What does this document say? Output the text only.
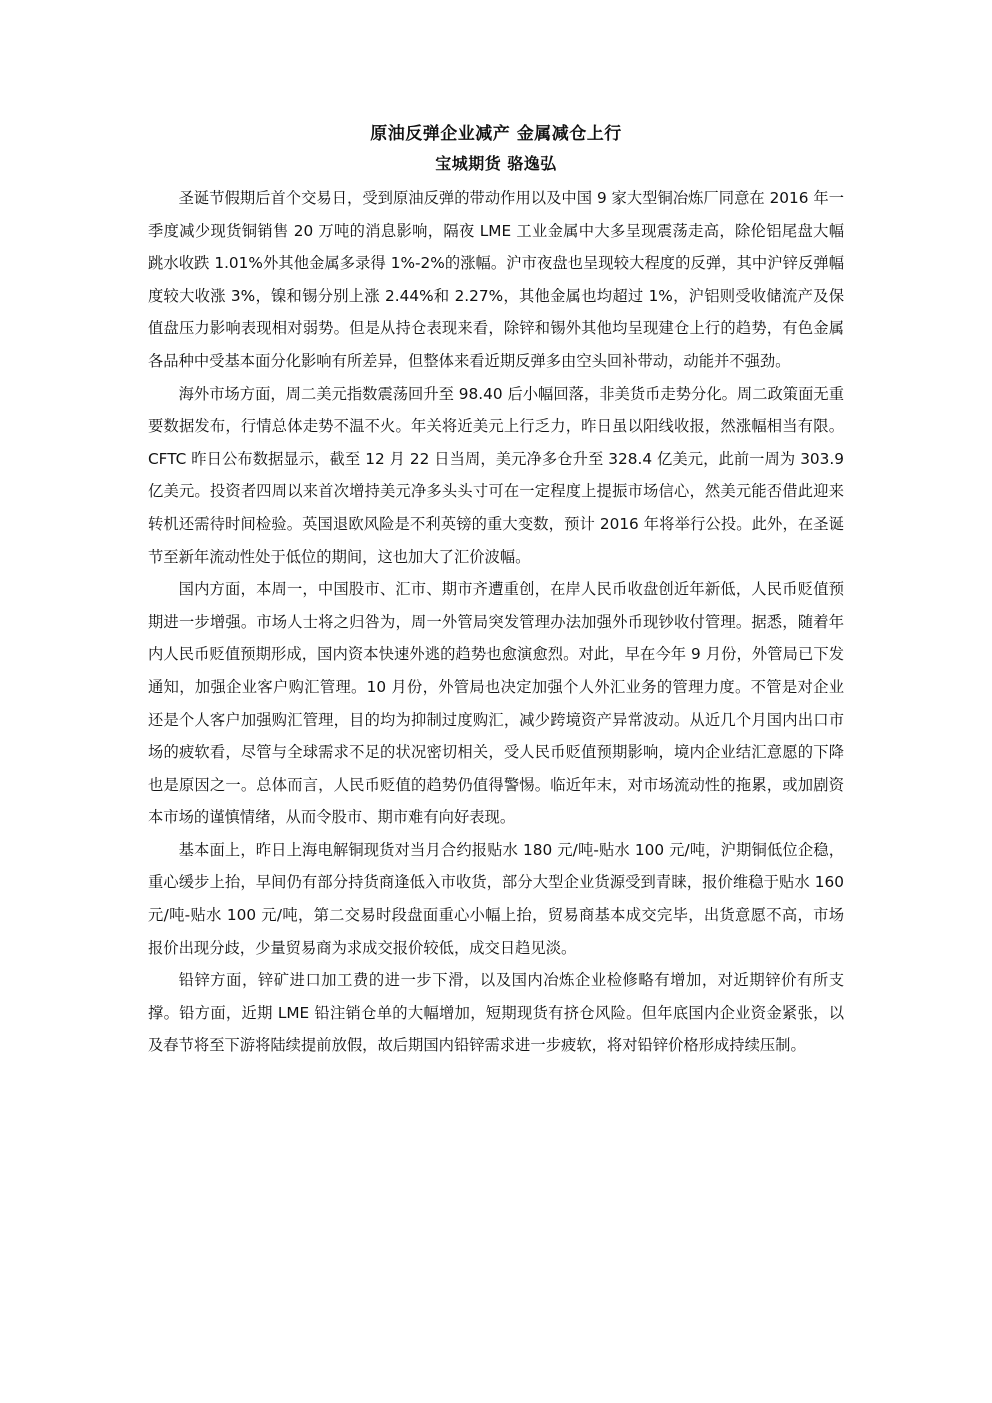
原油反弹企业减产 金属减仓上行
宝城期货 骆逸弘

圣诞节假期后首个交易日，受到原油反弹的带动作用以及中国 9 家大型铜冶炼厂同意在 2016 年一季度减少现货铜销售 20 万吨的消息影响，隔夜 LME 工业金属中大多呈现震荡走高，除伦铝尾盘大幅跳水收跌 1.01%外其他金属多录得 1%-2%的涨幅。沪市夜盘也呈现较大程度的反弹，其中沪锌反弹幅度较大收涨 3%，镍和锡分别上涨 2.44%和 2.27%，其他金属也均超过 1%，沪铝则受收储流产及保值盘压力影响表现相对弱势。但是从持仓表现来看，除锌和锡外其他均呈现建仓上行的趋势，有色金属各品种中受基本面分化影响有所差异，但整体来看近期反弹多由空头回补带动，动能并不强劲。

海外市场方面，周二美元指数震荡回升至 98.40 后小幅回落，非美货币走势分化。周二政策面无重要数据发布，行情总体走势不温不火。年关将近美元上行乏力，昨日虽以阳线收报，然涨幅相当有限。CFTC 昨日公布数据显示，截至 12 月 22 日当周，美元净多仓升至 328.4 亿美元，此前一周为 303.9 亿美元。投资者四周以来首次增持美元净多头头寸可在一定程度上提振市场信心，然美元能否借此迎来转机还需待时间检验。英国退欧风险是不利英镑的重大变数，预计 2016 年将举行公投。此外，在圣诞节至新年流动性处于低位的期间，这也加大了汇价波幅。

国内方面，本周一，中国股市、汇市、期市齐遭重创，在岸人民币收盘创近年新低，人民币贬值预期进一步增强。市场人士将之归咎为，周一外管局突发管理办法加强外币现钞收付管理。据悉，随着年内人民币贬值预期形成，国内资本快速外逃的趋势也愈演愈烈。对此，早在今年 9 月份，外管局已下发通知，加强企业客户购汇管理。10 月份，外管局也决定加强个人外汇业务的管理力度。不管是对企业还是个人客户加强购汇管理，目的均为抑制过度购汇，减少跨境资产异常波动。从近几个月国内出口市场的疲软看，尽管与全球需求不足的状况密切相关，受人民币贬值预期影响，境内企业结汇意愿的下降也是原因之一。总体而言，人民币贬值的趋势仍值得警惕。临近年末，对市场流动性的拖累，或加剧资本市场的谨慎情绪，从而令股市、期市难有向好表现。

基本面上，昨日上海电解铜现货对当月合约报贴水 180 元/吨-贴水 100 元/吨，沪期铜低位企稳，重心缓步上抬，早间仍有部分持货商逢低入市收货，部分大型企业货源受到青睐，报价维稳于贴水 160 元/吨-贴水 100 元/吨，第二交易时段盘面重心小幅上抬，贸易商基本成交完毕，出货意愿不高，市场报价出现分歧，少量贸易商为求成交报价较低，成交日趋见淡。

铅锌方面，锌矿进口加工费的进一步下滑，以及国内冶炼企业检修略有增加，对近期锌价有所支撑。铅方面，近期 LME 铅注销仓单的大幅增加，短期现货有挤仓风险。但年底国内企业资金紧张，以及春节将至下游将陆续提前放假，故后期国内铅锌需求进一步疲软，将对铅锌价格形成持续压制。
